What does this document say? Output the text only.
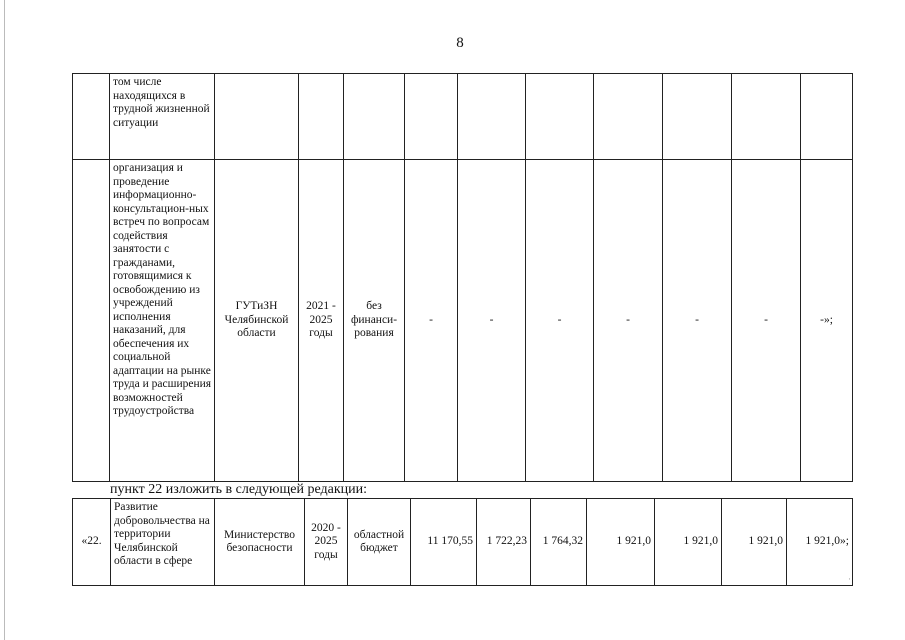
8
	том числе находящихся в трудной жизненной ситуации										
	организация и проведение информационно-консультацион-ных встреч по вопросам содействия занятости с гражданами, готовящимися к освобождению из учреждений исполнения наказаний, для обеспечения их социальной адаптации на рынке труда и расширения возможностей трудоустройства	ГУТиЗН Челябинской области	2021 - 2025 годы	без финанси-рования	-	-	-	-	-	-	-»;
пункт 22 изложить в следующей редакции:
«22.	Развитие добровольчества на территории Челябинской области в сфере	Министерство безопасности	2020 - 2025 годы	областной бюджет	11 170,55	1 722,23	1 764,32	1 921,0	1 921,0	1 921,0	1 921,0»;
·
